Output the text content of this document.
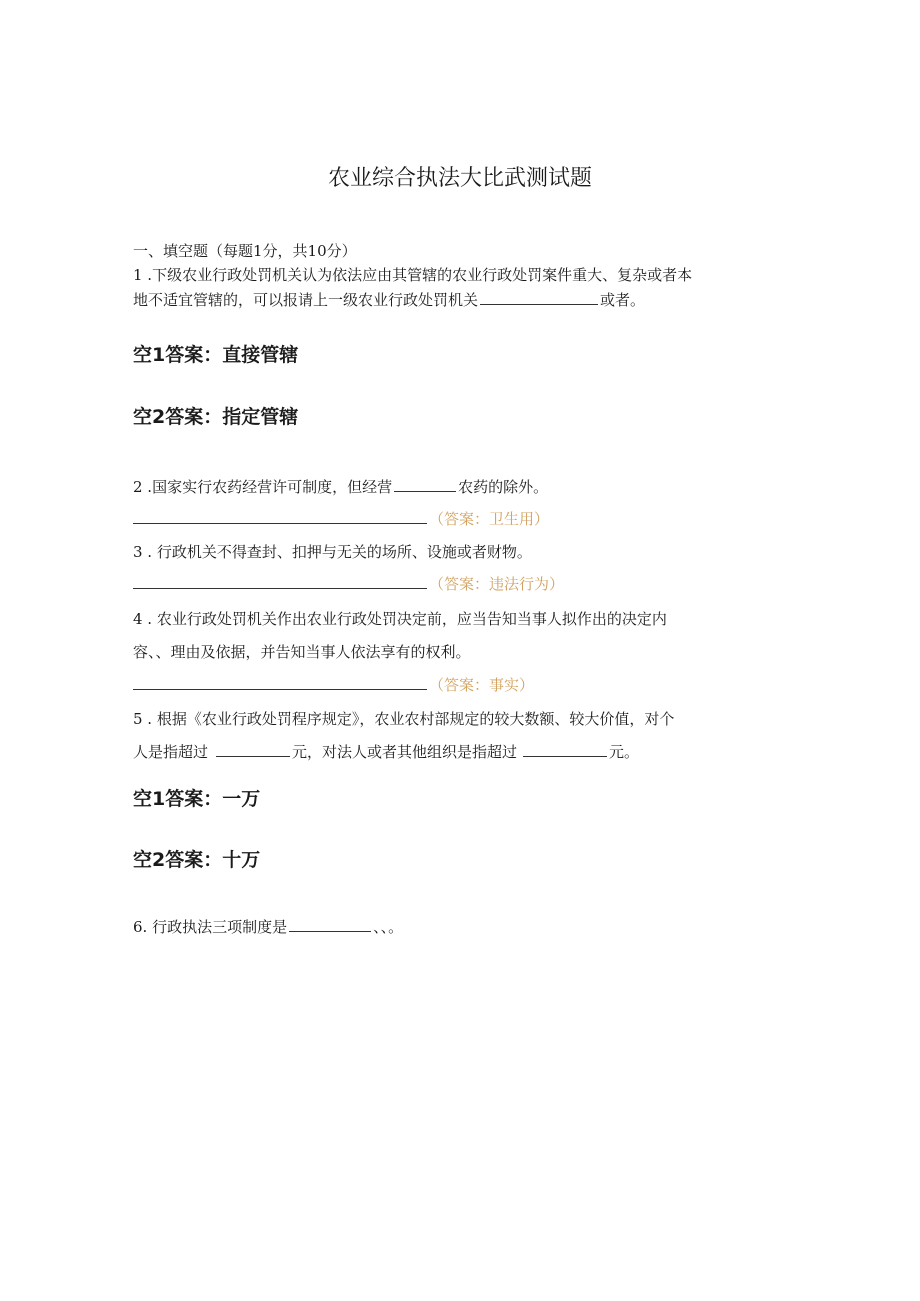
农业综合执法大比武测试题
一、填空题（每题1分，共10分）
1 .下级农业行政处罚机关认为依法应由其管辖的农业行政处罚案件重大、复杂或者本
地不适宜管辖的，可以报请上一级农业行政处罚机关	或者。
空1答案：直接管辖
空2答案：指定管辖
2 .国家实行农药经营许可制度，但经营	农药的除外。
（答案：卫生用）
3 . 行政机关不得查封、扣押与无关的场所、设施或者财物。
（答案：违法行为）
4 . 农业行政处罚机关作出农业行政处罚决定前，应当告知当事人拟作出的决定内
容、、理由及依据，并告知当事人依法享有的权利。
（答案：事实）
5 . 根据《农业行政处罚程序规定》，农业农村部规定的较大数额、较大价值，对个
人是指超过	元，对法人或者其他组织是指超过	元。
空1答案：一万
空2答案：十万
6. 行政执法三项制度是	、、。
